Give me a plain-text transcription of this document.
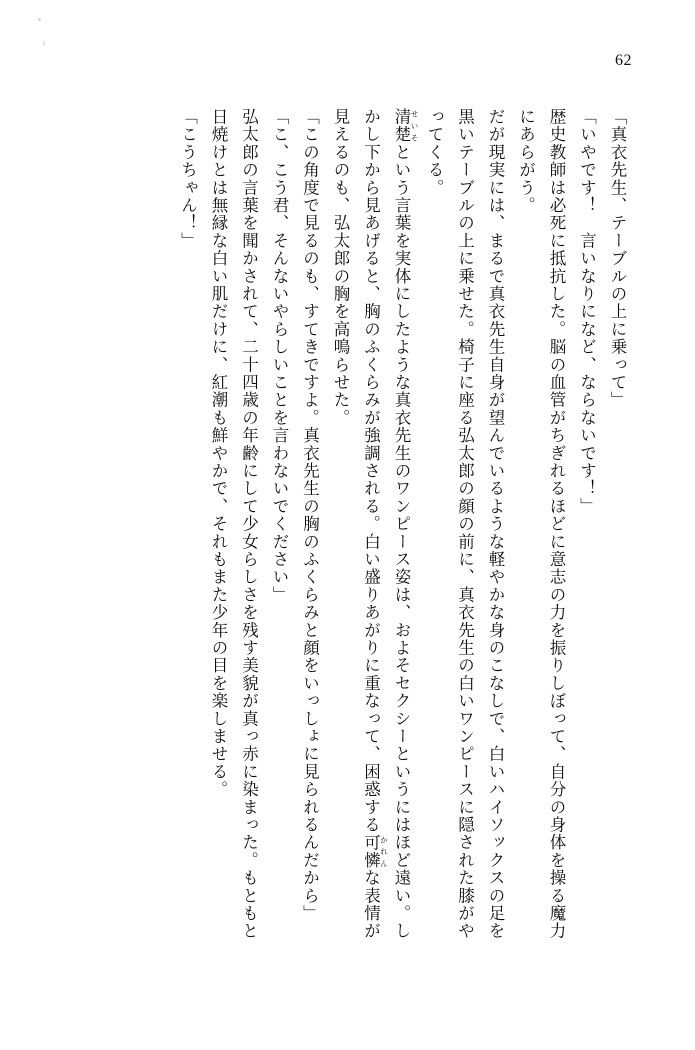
62

「真衣先生、テーブルの上に乗って」

「いやです！　言いなりになど、ならないです！」

歴史教師は必死に抵抗した。脳の血管がちぎれるほどに意志の力を振りしぼって、自分の身体を操る魔力にあらがう。

だが現実には、まるで真衣先生自身が望んでいるような軽やかな身のこなしで、白いハイソックスの足を黒いテーブルの上に乗せた。椅子に座る弘太郎の顔の前に、真衣先生の白いワンピースに隠された膝がやってくる。

清楚 せいそという言葉を実体にしたような真衣先生のワンピース姿は、およそセクシーというにはほど遠い。しかし下から見あげると、胸のふくらみが強調される。白い盛りあがりに重なって、困惑する可憐 かれんな表情が見えるのも、弘太郎の胸を高鳴らせた。

「この角度で見るのも、すてきですよ。真衣先生の胸のふくらみと顔をいっしょに見られるんだから」

「こ、こう君、そんないやらしいことを言わないでください」

弘太郎の言葉を聞かされて、二十四歳の年齢にして少女らしさを残す美貌が真っ赤に染まった。もともと日焼けとは無縁な白い肌だけに、紅潮も鮮やかで、それもまた少年の目を楽しませる。

「こうちゃん！」
